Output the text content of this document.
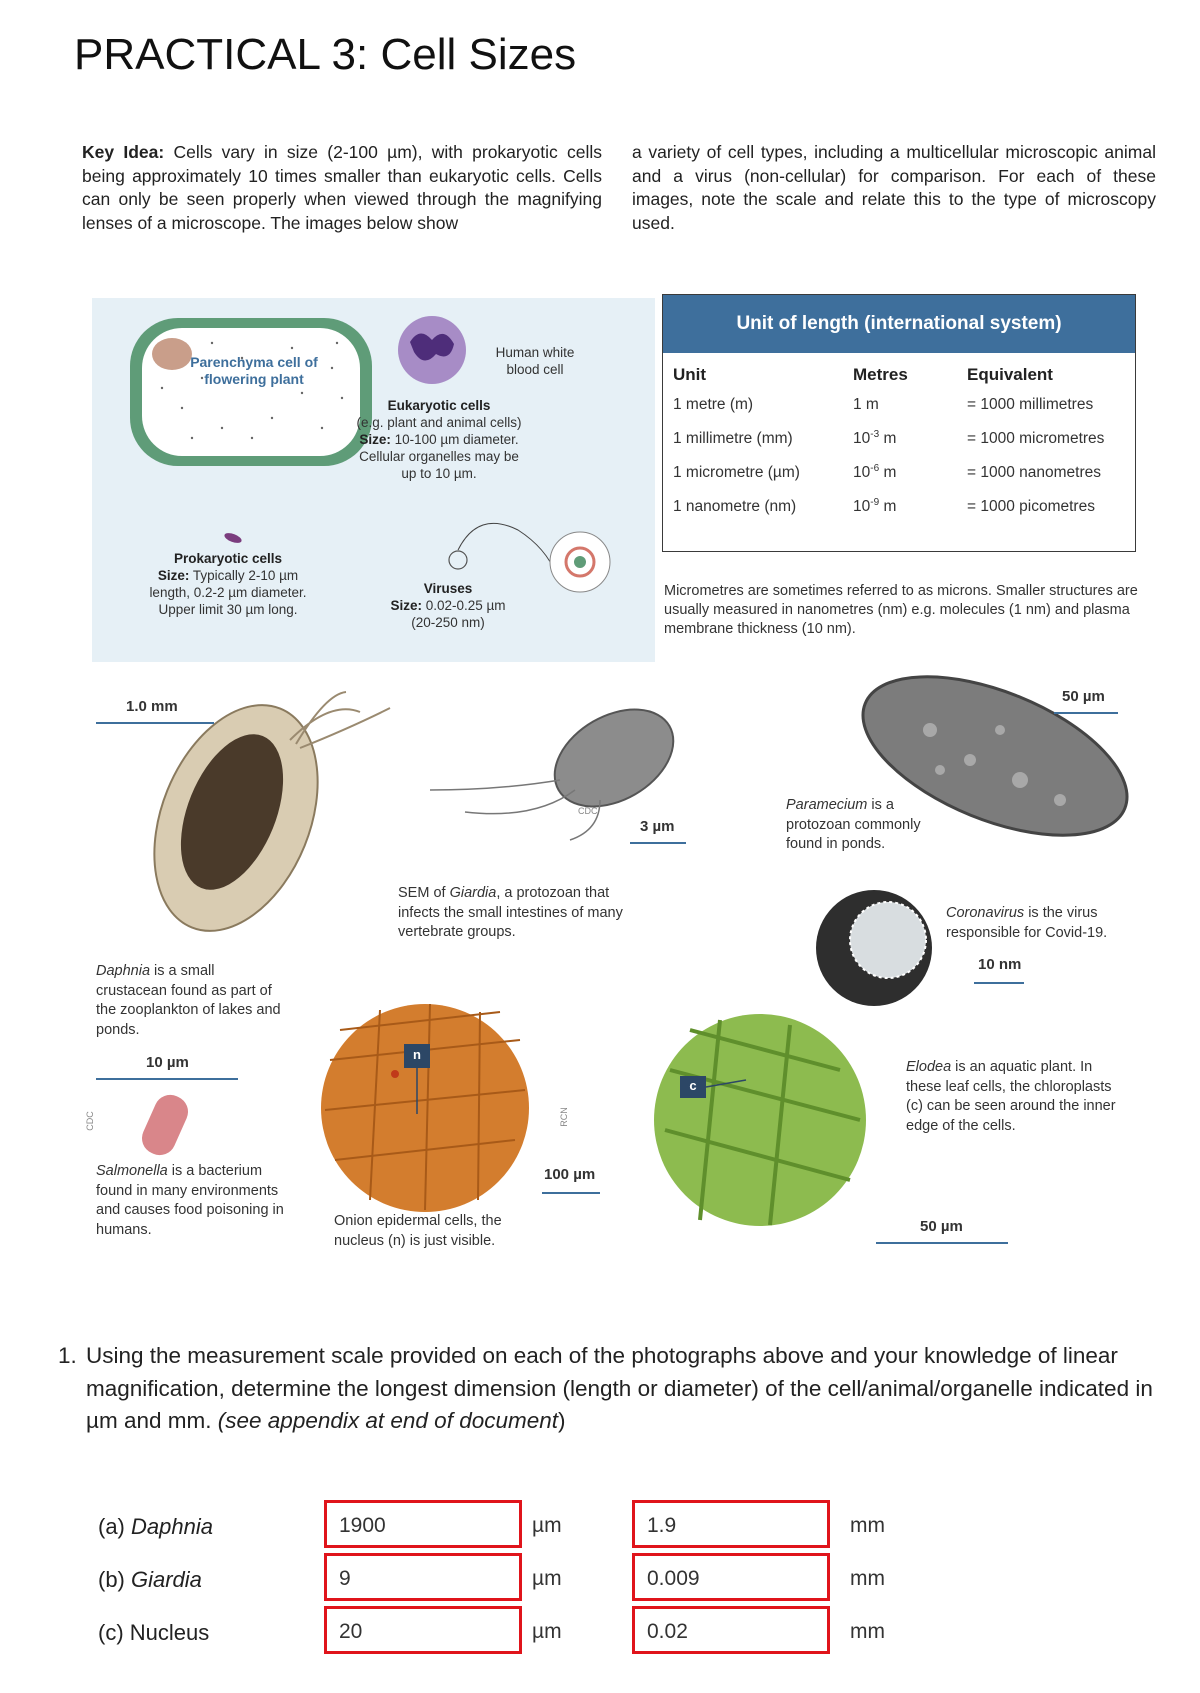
PRACTICAL 3: Cell Sizes
Key Idea: Cells vary in size (2-100 µm), with prokaryotic cells being approximately 10 times smaller than eukaryotic cells. Cells can only be seen properly when viewed through the magnifying lenses of a microscope. The images below show
a variety of cell types, including a multicellular microscopic animal and a virus (non-cellular) for comparison. For each of these images, note the scale and relate this to the type of microscopy used.
Parenchyma cell of flowering plant
Human white blood cell
Eukaryotic cells
(e.g. plant and animal cells)
Size: 10-100 µm diameter.
Cellular organelles may be up to 10 µm.
Prokaryotic cells
Size: Typically 2-10 µm length, 0.2-2 µm diameter.
Upper limit 30 µm long.
Viruses
Size: 0.02-0.25 µm
(20-250 nm)
Unit of length (international system)
Unit	Metres	Equivalent
1 metre (m)	1 m	= 1000 millimetres
1 millimetre (mm)	$10^{-3}$ m	= 1000 micrometres
1 micrometre (µm)	$10^{-6}$ m	= 1000 nanometres
1 nanometre (nm)	$10^{-9}$ m	= 1000 picometres
Micrometres are sometimes referred to as microns. Smaller structures are usually measured in nanometres (nm) e.g. molecules (1 nm) and plasma membrane thickness (10 nm).
CDC
CDC	RCN
n
c
1.0 mm
3 µm
50 µm
10 nm
10 µm
100 µm
50 µm
SEM of Giardia, a protozoan that infects the small intestines of many vertebrate groups.
Paramecium is a protozoan commonly found in ponds.
Coronavirus is the virus responsible for Covid-19.
Daphnia is a small crustacean found as part of the zooplankton of lakes and ponds.
Salmonella is a bacterium found in many environments and causes food poisoning in humans.
Onion epidermal cells, the nucleus (n) is just visible.
Elodea is an aquatic plant. In these leaf cells, the chloroplasts (c) can be seen around the inner edge of the cells.
1. Using the measurement scale provided on each of the photographs above and your knowledge of linear magnification, determine the longest dimension (length or diameter) of the cell/animal/organelle indicated in µm and mm. (see appendix at end of document)
(a) Daphnia	1900	µm	1.9	mm
(b) Giardia	9	µm	0.009	mm
(c) Nucleus	20	µm	0.02	mm
